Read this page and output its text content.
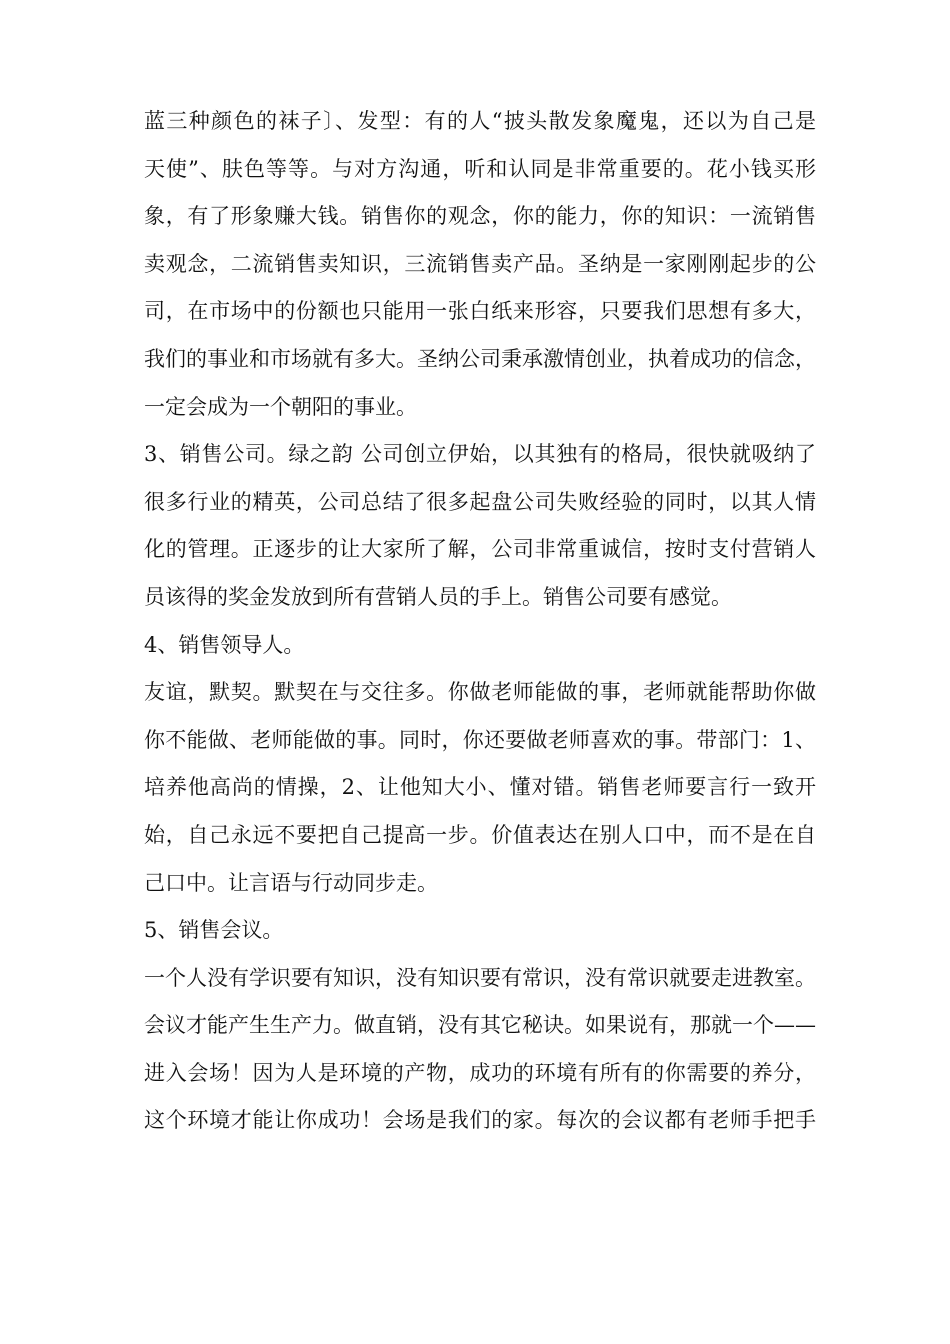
蓝三种颜色的袜子〕、发型：有的人“披头散发象魔鬼，还以为自己是
天使”、肤色等等。与对方沟通，听和认同是非常重要的。花小钱买形
象，有了形象赚大钱。销售你的观念，你的能力，你的知识：一流销售
卖观念，二流销售卖知识，三流销售卖产品。圣纳是一家刚刚起步的公
司，在市场中的份额也只能用一张白纸来形容，只要我们思想有多大，
我们的事业和市场就有多大。圣纳公司秉承激情创业，执着成功的信念，
一定会成为一个朝阳的事业。
3、销售公司。绿之韵 公司创立伊始，以其独有的格局，很快就吸纳了
很多行业的精英，公司总结了很多起盘公司失败经验的同时，以其人情
化的管理。正逐步的让大家所了解，公司非常重诚信，按时支付营销人
员该得的奖金发放到所有营销人员的手上。销售公司要有感觉。
4、销售领导人。
友谊，默契。默契在与交往多。你做老师能做的事，老师就能帮助你做
你不能做、老师能做的事。同时，你还要做老师喜欢的事。带部门：1、
培养他高尚的情操，2、让他知大小、懂对错。销售老师要言行一致开
始，自己永远不要把自己提高一步。价值表达在别人口中，而不是在自
己口中。让言语与行动同步走。
5、销售会议。
一个人没有学识要有知识，没有知识要有常识，没有常识就要走进教室。
会议才能产生生产力。做直销，没有其它秘诀。如果说有，那就一个——
进入会场！因为人是环境的产物，成功的环境有所有的你需要的养分，
这个环境才能让你成功！会场是我们的家。每次的会议都有老师手把手
